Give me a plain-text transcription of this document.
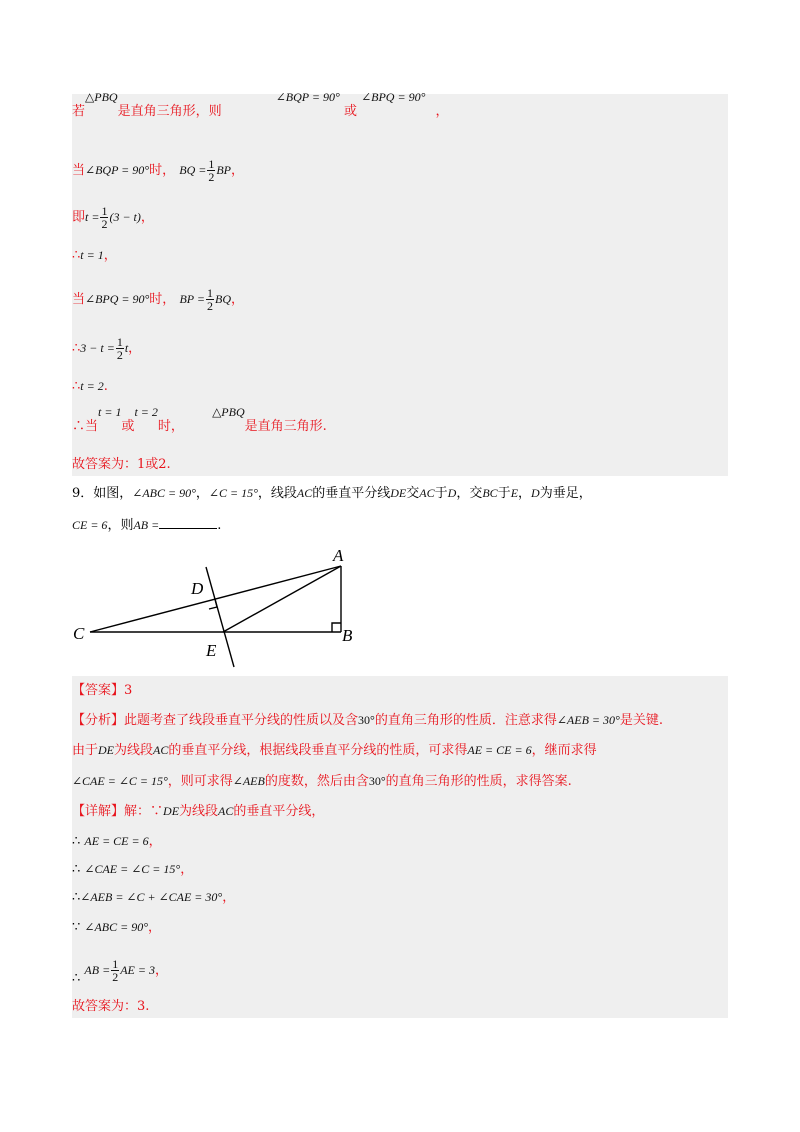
若△PBQ是直角三角形，则 ∠BQP = 90° 或 ∠BPQ = 90° ，
当∠BQP = 90°时， BQ = $\frac{1}{2}$ BP，
即$t = \frac{1}{2} (3 - t)$，
∴t = 1，
当∠BPQ = 90°时， BP = $\frac{1}{2}$ BQ，
∴3 − $t = \frac{1}{2}$ t，
∴t = 2.
∴当t = 1或t = 2时， △PBQ是直角三角形.
故答案为：1或2.
9．如图，∠ABC = 90°，∠C = 15°，线段AC的垂直平分线DE交AC于D，交BC于E，D为垂足，
CE = 6，则AB =	.
A
B
C
D
E
【答案】3
【分析】此题考查了线段垂直平分线的性质以及含30°的直角三角形的性质．注意求得∠AEB = 30°是关键.
由于DE为线段AC的垂直平分线，根据线段垂直平分线的性质，可求得AE = CE = 6，继而求得
∠CAE = ∠C = 15°，则可求得∠AEB的度数，然后由含30°的直角三角形的性质，求得答案.
【详解】解：∵DE为线段AC的垂直平分线，
∴ AE = CE = 6，
∴ ∠CAE = ∠C = 15°，
∴∠AEB = ∠C + ∠CAE = 30°，
∵ ∠ABC = 90°，
∴ AB = $\frac{1}{2}$ AE = 3，
故答案为：3.
